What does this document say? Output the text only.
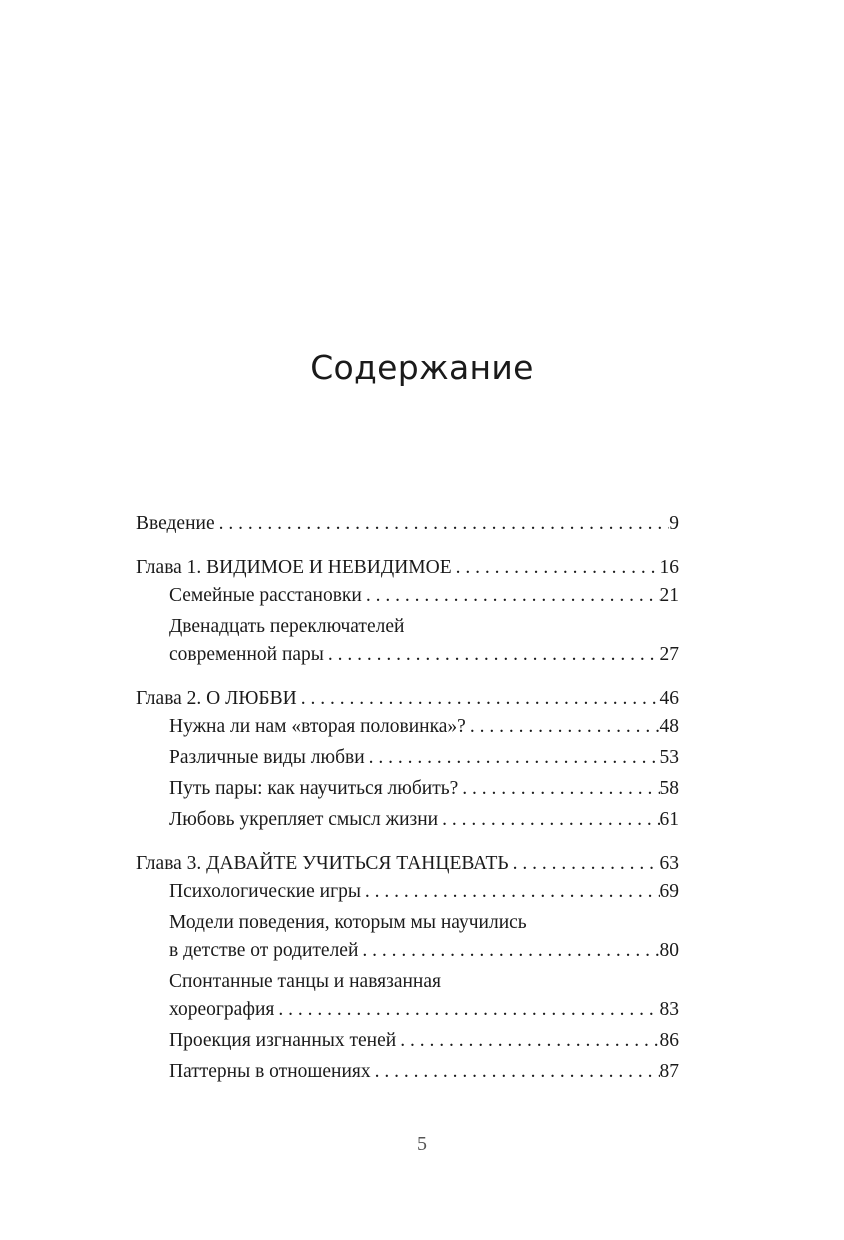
Содержание
Введение . . .	9
Глава 1. ВИДИМОЕ И НЕВИДИМОЕ . . .	16
Семейные расстановки . . .	21
Двенадцать переключателей
современной пары . . .	27
Глава 2. О ЛЮБВИ . . .	46
Нужна ли нам «вторая половинка»? . . .	48
Различные виды любви . . .	53
Путь пары: как научиться любить? . . .	58
Любовь укрепляет смысл жизни . . .	61
Глава 3. ДАВАЙТЕ УЧИТЬСЯ ТАНЦЕВАТЬ . . .	63
Психологические игры . . .	69
Модели поведения, которым мы научились
в детстве от родителей . . .	80
Спонтанные танцы и навязанная
хореография . . .	83
Проекция изгнанных теней . . .	86
Паттерны в отношениях . . .	87
5
